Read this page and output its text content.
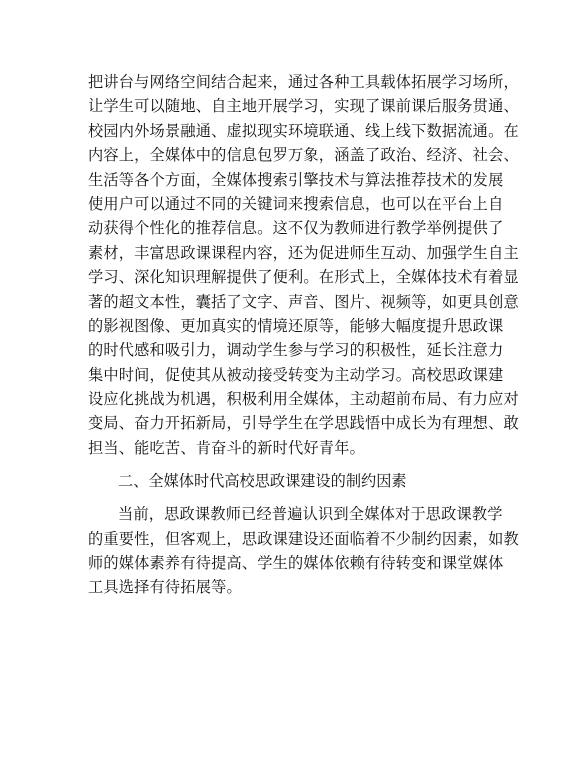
把讲台与网络空间结合起来，通过各种工具载体拓展学习场所，
让学生可以随地、自主地开展学习，实现了课前课后服务贯通、
校园内外场景融通、虚拟现实环境联通、线上线下数据流通。在
内容上，全媒体中的信息包罗万象，涵盖了政治、经济、社会、
生活等各个方面，全媒体搜索引擎技术与算法推荐技术的发展
使用户可以通过不同的关键词来搜索信息，也可以在平台上自
动获得个性化的推荐信息。这不仅为教师进行教学举例提供了
素材，丰富思政课课程内容，还为促进师生互动、加强学生自主
学习、深化知识理解提供了便利。在形式上，全媒体技术有着显
著的超文本性，囊括了文字、声音、图片、视频等，如更具创意
的影视图像、更加真实的情境还原等，能够大幅度提升思政课
的时代感和吸引力，调动学生参与学习的积极性，延长注意力
集中时间，促使其从被动接受转变为主动学习。高校思政课建
设应化挑战为机遇，积极利用全媒体，主动超前布局、有力应对
变局、奋力开拓新局，引导学生在学思践悟中成长为有理想、敢
担当、能吃苦、肯奋斗的新时代好青年。
二、全媒体时代高校思政课建设的制约因素
当前，思政课教师已经普遍认识到全媒体对于思政课教学
的重要性，但客观上，思政课建设还面临着不少制约因素，如教
师的媒体素养有待提高、学生的媒体依赖有待转变和课堂媒体
工具选择有待拓展等。
